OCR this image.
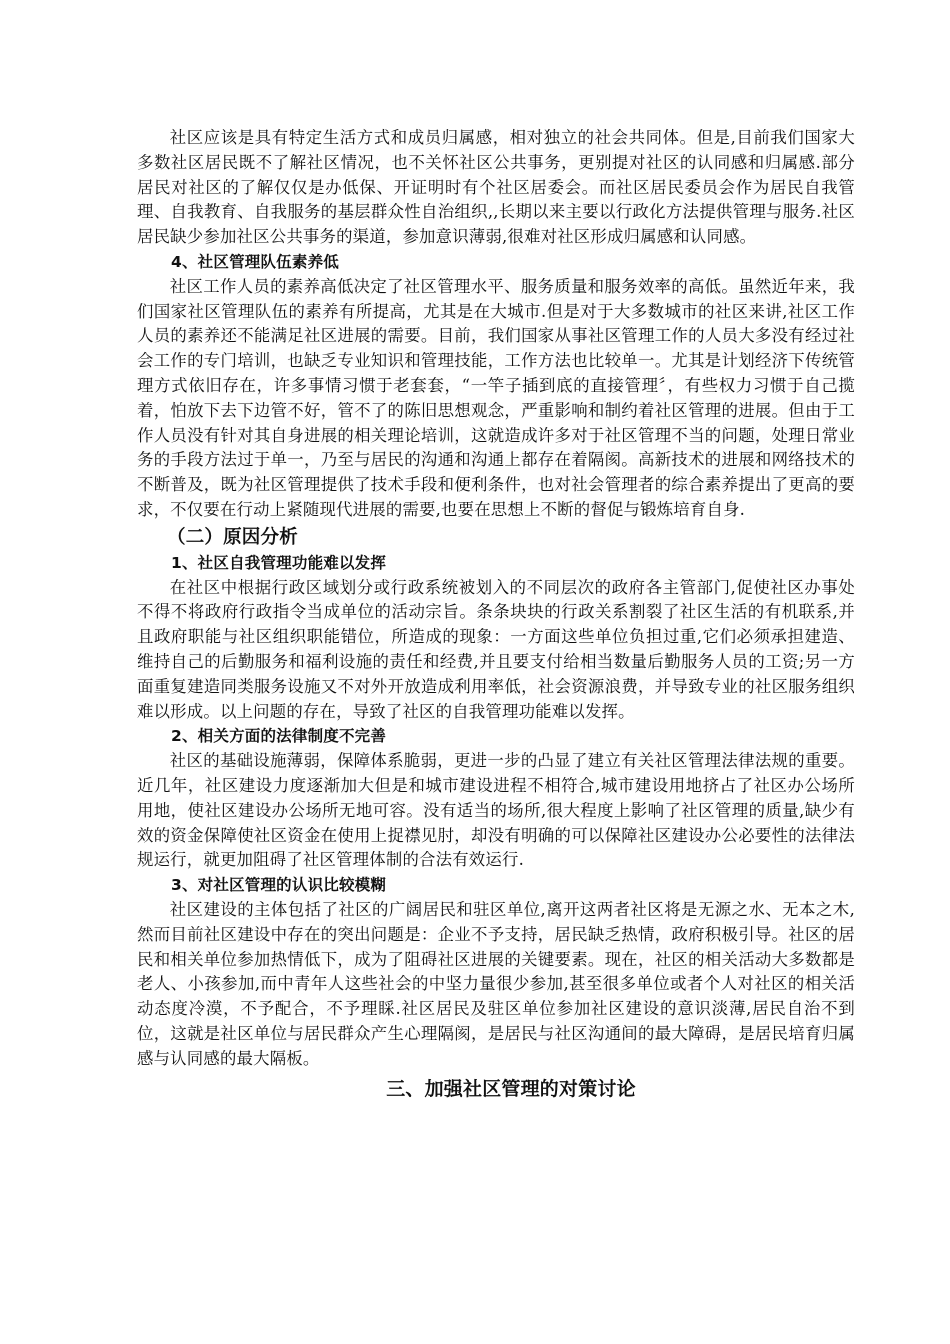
社区应该是具有特定生活方式和成员归属感，相对独立的社会共同体。但是,目前我们国家大多数社区居民既不了解社区情况，也不关怀社区公共事务，更别提对社区的认同感和归属感.部分居民对社区的了解仅仅是办低保、开证明时有个社区居委会。而社区居民委员会作为居民自我管理、自我教育、自我服务的基层群众性自治组织,,长期以来主要以行政化方法提供管理与服务.社区居民缺少参加社区公共事务的渠道，参加意识薄弱,很难对社区形成归属感和认同感。

4、社区管理队伍素养低

社区工作人员的素养高低决定了社区管理水平、服务质量和服务效率的高低。虽然近年来，我们国家社区管理队伍的素养有所提高，尤其是在大城市.但是对于大多数城市的社区来讲,社区工作人员的素养还不能满足社区进展的需要。目前，我们国家从事社区管理工作的人员大多没有经过社会工作的专门培训，也缺乏专业知识和管理技能，工作方法也比较单一。尤其是计划经济下传统管理方式依旧存在，许多事情习惯于老套套，“一竿子插到底的直接管理〞，有些权力习惯于自己揽着，怕放下去下边管不好，管不了的陈旧思想观念，严重影响和制约着社区管理的进展。但由于工作人员没有针对其自身进展的相关理论培训，这就造成许多对于社区管理不当的问题，处理日常业务的手段方法过于单一，乃至与居民的沟通和沟通上都存在着隔阂。高新技术的进展和网络技术的不断普及，既为社区管理提供了技术手段和便利条件，也对社会管理者的综合素养提出了更高的要求，不仅要在行动上紧随现代进展的需要,也要在思想上不断的督促与锻炼培育自身.

（二）原因分析
1、社区自我管理功能难以发挥

在社区中根据行政区域划分或行政系统被划入的不同层次的政府各主管部门,促使社区办事处不得不将政府行政指令当成单位的活动宗旨。条条块块的行政关系割裂了社区生活的有机联系,并且政府职能与社区组织职能错位，所造成的现象：一方面这些单位负担过重,它们必须承担建造、维持自己的后勤服务和福利设施的责任和经费,并且要支付给相当数量后勤服务人员的工资;另一方面重复建造同类服务设施又不对外开放造成利用率低，社会资源浪费，并导致专业的社区服务组织难以形成。以上问题的存在，导致了社区的自我管理功能难以发挥。

2、相关方面的法律制度不完善

社区的基础设施薄弱，保障体系脆弱，更进一步的凸显了建立有关社区管理法律法规的重要。近几年，社区建设力度逐渐加大但是和城市建设进程不相符合,城市建设用地挤占了社区办公场所用地，使社区建设办公场所无地可容。没有适当的场所,很大程度上影响了社区管理的质量,缺少有效的资金保障使社区资金在使用上捉襟见肘，却没有明确的可以保障社区建设办公必要性的法律法规运行，就更加阻碍了社区管理体制的合法有效运行.

3、对社区管理的认识比较模糊

社区建设的主体包括了社区的广阔居民和驻区单位,离开这两者社区将是无源之水、无本之木,然而目前社区建设中存在的突出问题是：企业不予支持，居民缺乏热情，政府积极引导。社区的居民和相关单位参加热情低下，成为了阻碍社区进展的关键要素。现在，社区的相关活动大多数都是老人、小孩参加,而中青年人这些社会的中坚力量很少参加,甚至很多单位或者个人对社区的相关活动态度冷漠，不予配合，不予理睬.社区居民及驻区单位参加社区建设的意识淡薄,居民自治不到位，这就是社区单位与居民群众产生心理隔阂，是居民与社区沟通间的最大障碍，是居民培育归属感与认同感的最大隔板。

三、加强社区管理的对策讨论
